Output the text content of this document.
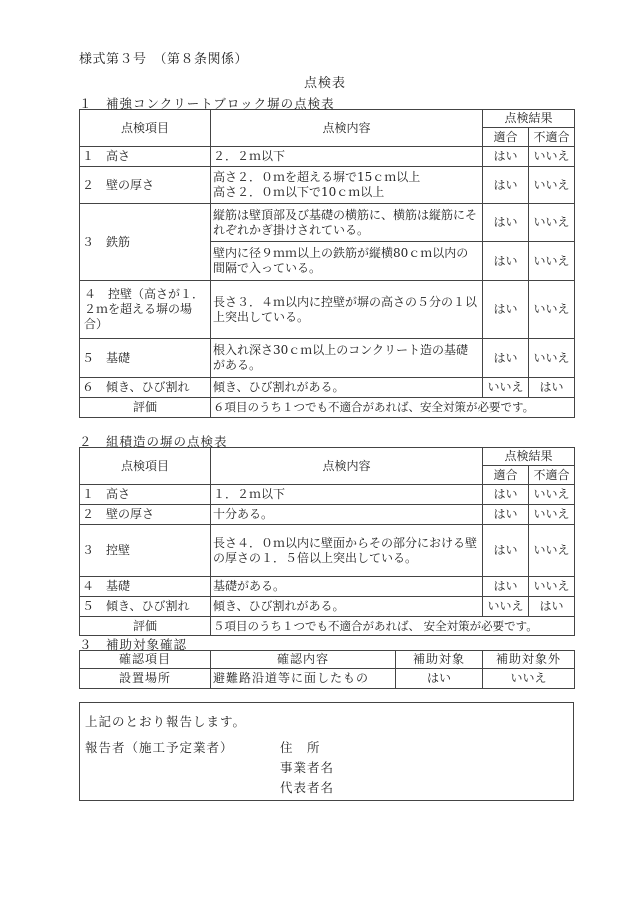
様式第３号　（第８条関係）
点検表
１　補強コンクリートブロック塀の点検表
点検項目	点検内容	点検結果	
		適合	不適合
１　高さ	２．２ｍ以下	はい	いいえ
２　壁の厚さ	高さ２．０ｍを超える塀で15ｃｍ以上
高さ２．０ｍ以下で10ｃｍ以上	はい	いいえ
３　鉄筋	縦筋は壁頂部及び基礎の横筋に、横筋は縦筋にそれぞれかぎ掛けされている。	はい	いいえ
	壁内に径９ｍｍ以上の鉄筋が縦横80ｃｍ以内の間隔で入っている。	はい	いいえ
４　控壁（高さが１．２ｍを超える塀の場合）	長さ３．４ｍ以内に控壁が塀の高さの５分の１以上突出している。	はい	いいえ
５　基礎	根入れ深さ30ｃｍ以上のコンクリート造の基礎がある。	はい	いいえ
６　傾き、ひび割れ	傾き、ひび割れがある。	いいえ	はい
評価	６項目のうち１つでも不適合があれば、安全対策が必要です。		
２　組積造の塀の点検表
点検項目	点検内容	点検結果	
		適合	不適合
１　高さ	１．２ｍ以下	はい	いいえ
２　壁の厚さ	十分ある。	はい	いいえ
３　控壁	長さ４．０ｍ以内に壁面からその部分における壁の厚さの１．５倍以上突出している。	はい	いいえ
４　基礎	基礎がある。	はい	いいえ
５　傾き、ひび割れ	傾き、ひび割れがある。	いいえ	はい
評価	５項目のうち１つでも不適合があれば、 安全対策が必要です。		
３　補助対象確認
確認項目	確認内容	補助対象	補助対象外
設置場所	避難路沿道等に面したもの	はい	いいえ
上記のとおり報告します。
報告者（施工予定業者）	住　所
事業者名
代表者名
